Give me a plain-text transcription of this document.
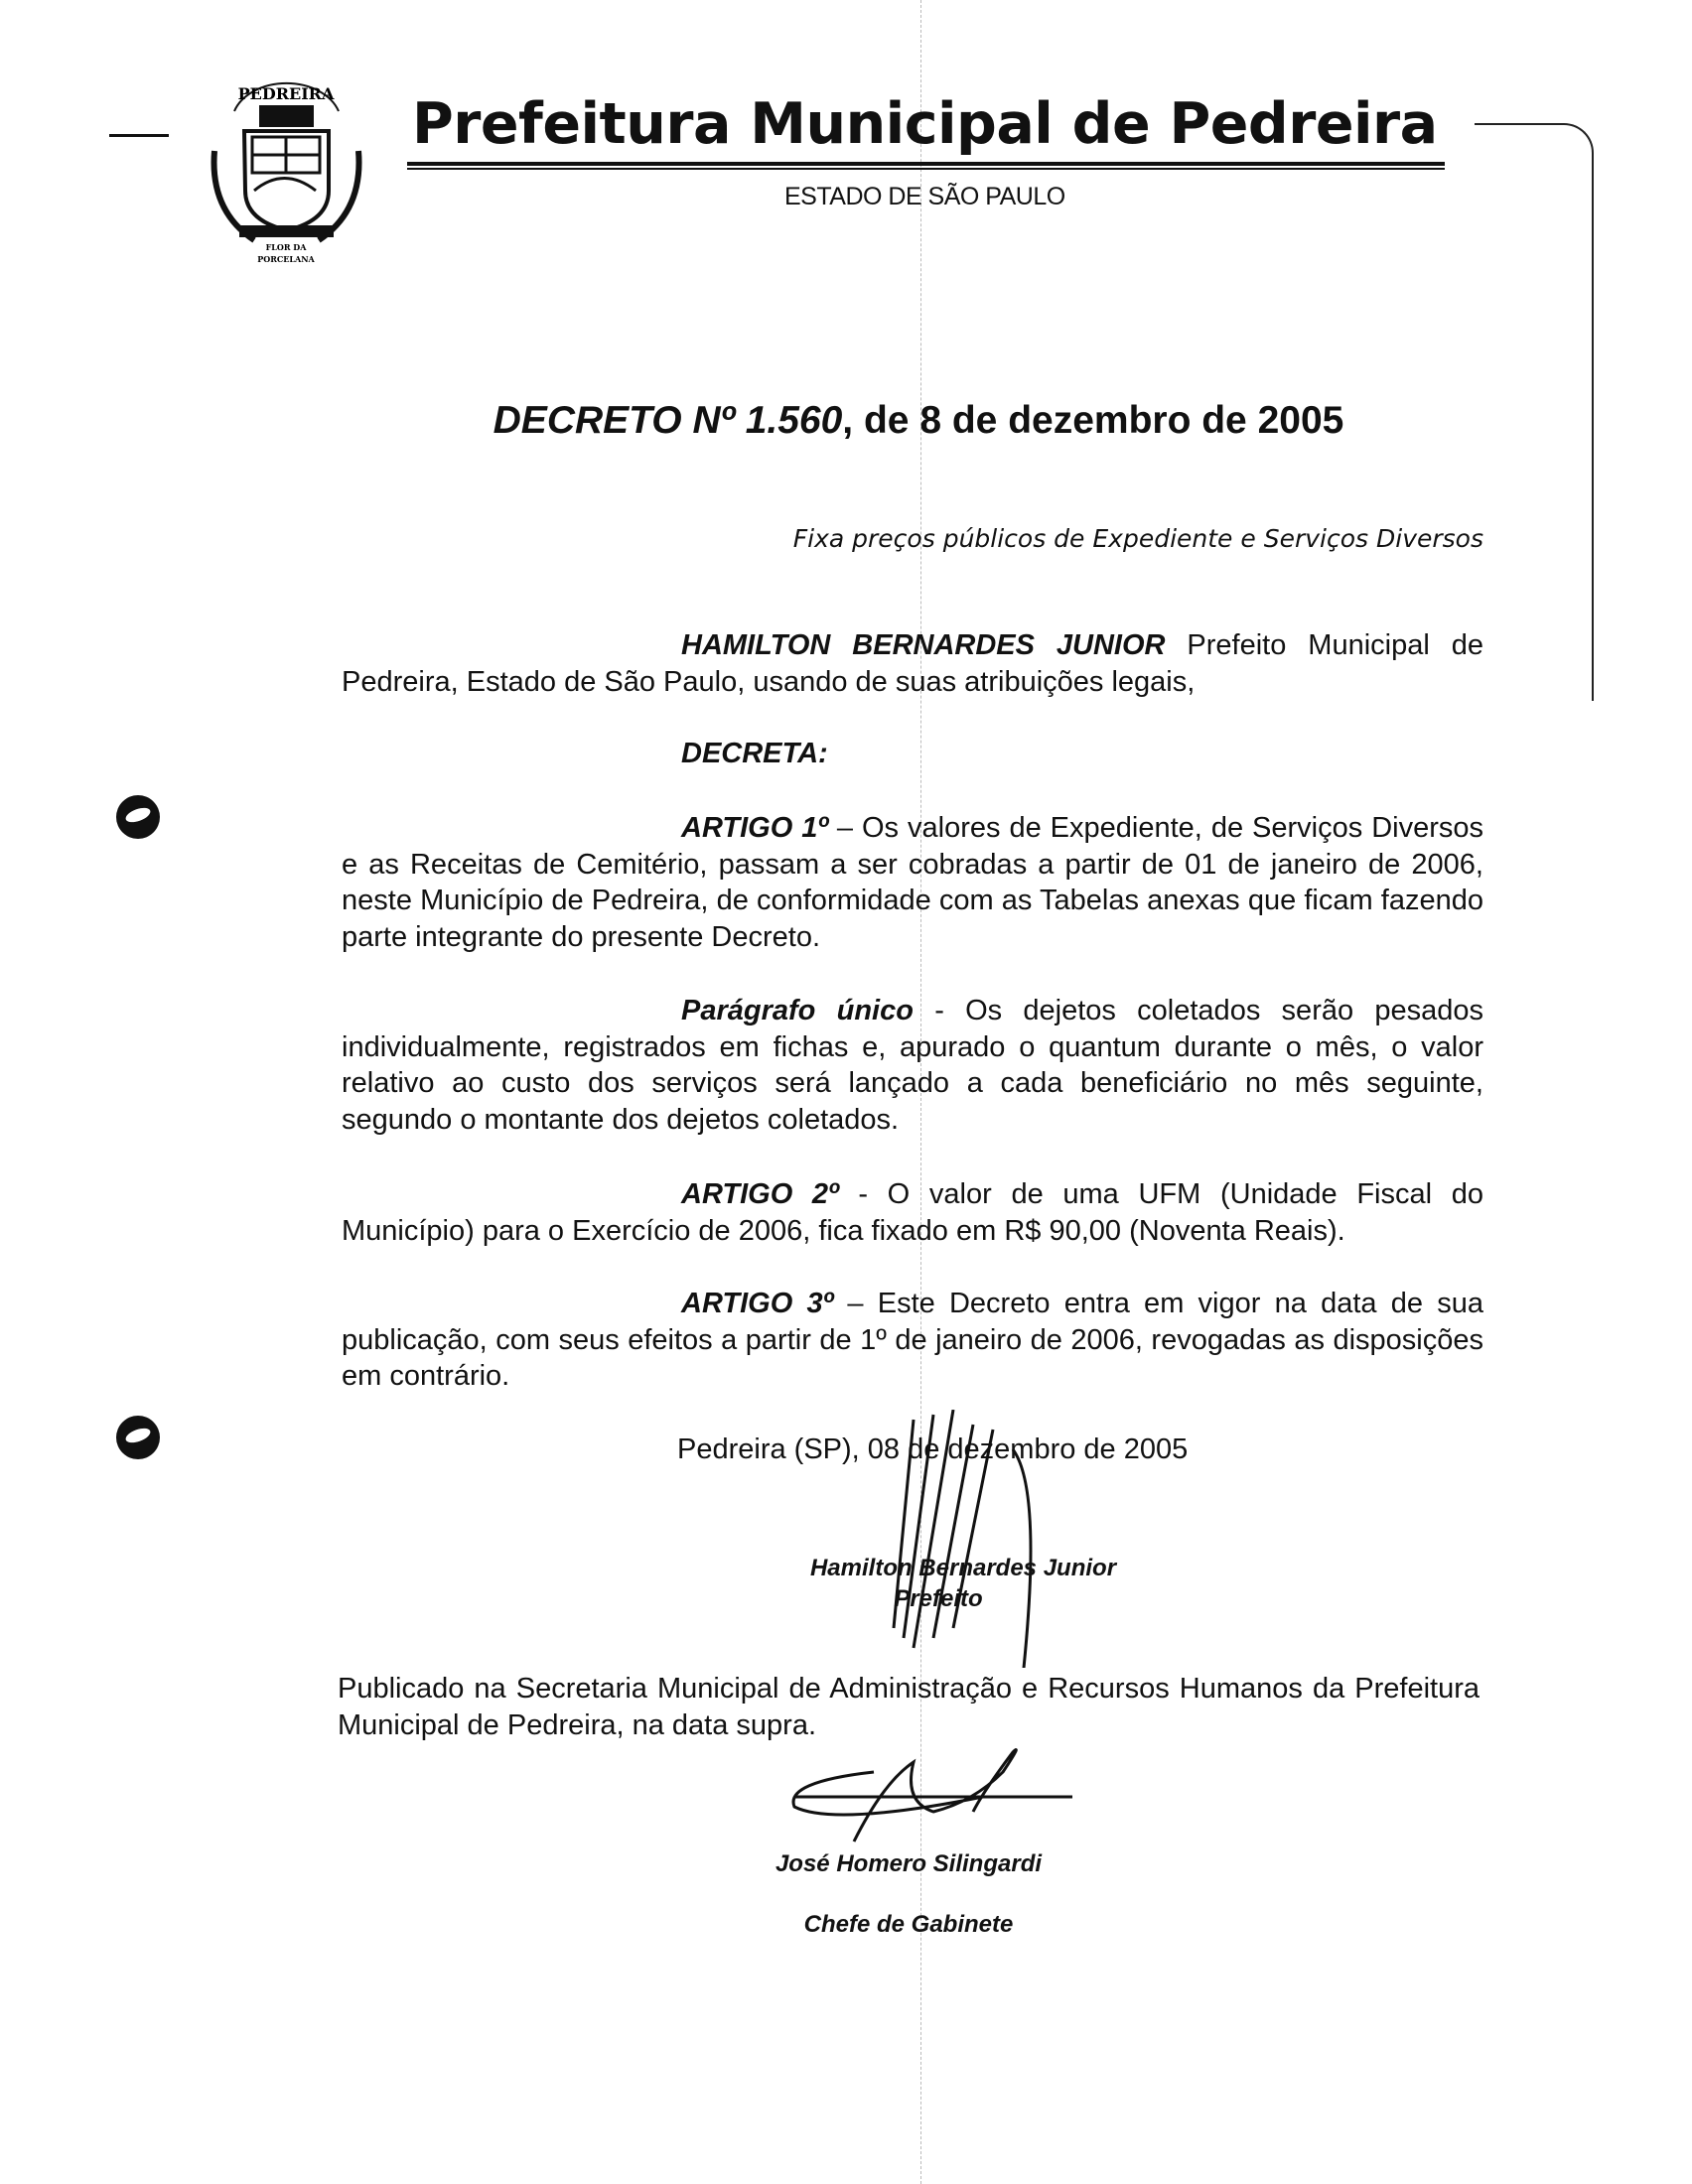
PEDREIRA
FLOR DA
PORCELANA
Prefeitura Municipal de Pedreira
ESTADO DE SÃO PAULO
DECRETO Nº 1.560, de 8 de dezembro de 2005
Fixa preços públicos de Expediente e Serviços Diversos
HAMILTON BERNARDES JUNIOR Prefeito Municipal de Pedreira, Estado de São Paulo, usando de suas atribuições legais,
DECRETA:
ARTIGO 1º – Os valores de Expediente, de Serviços Diversos e as Receitas de Cemitério, passam a ser cobradas a partir de 01 de janeiro de 2006, neste Município de Pedreira, de conformidade com as Tabelas anexas que ficam fazendo parte integrante do presente Decreto.
Parágrafo único - Os dejetos coletados serão pesados individualmente, registrados em fichas e, apurado o quantum durante o mês, o valor relativo ao custo dos serviços será lançado a cada beneficiário no mês seguinte, segundo o montante dos dejetos coletados.
ARTIGO 2º - O valor de uma UFM (Unidade Fiscal do Município) para o Exercício de 2006, fica fixado em R$ 90,00 (Noventa Reais).
ARTIGO 3º – Este Decreto entra em vigor na data de sua publicação, com seus efeitos a partir de 1º de janeiro de 2006, revogadas as disposições em contrário.
Pedreira (SP), 08 de dezembro de 2005
Hamilton Bernardes Junior
Prefeito
Publicado na Secretaria Municipal de Administração e Recursos Humanos da Prefeitura Municipal de Pedreira, na data supra.
José Homero Silingardi
Chefe de Gabinete
